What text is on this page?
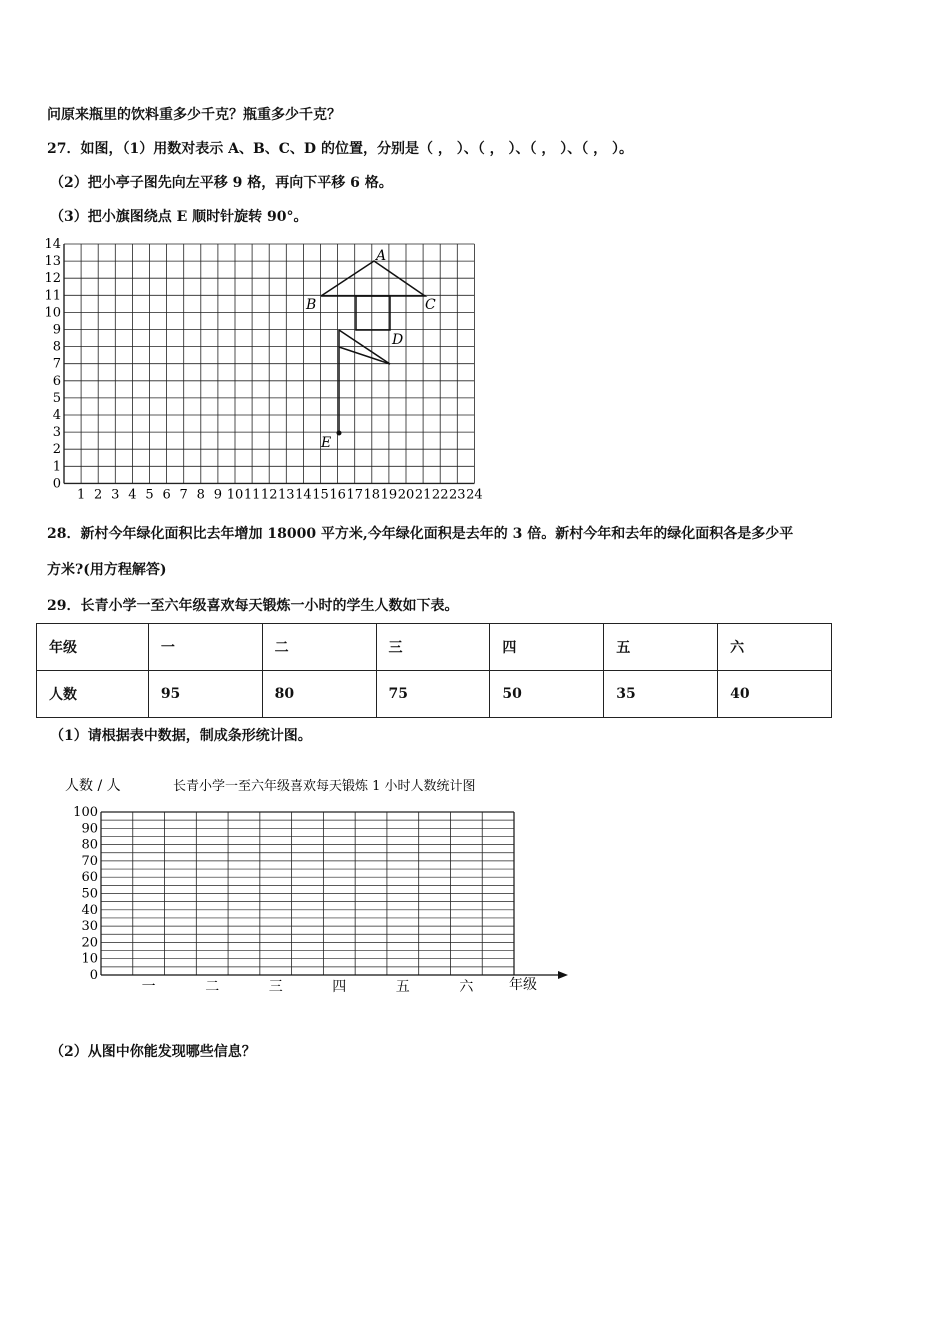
问原来瓶里的饮料重多少千克？瓶重多少千克？
27．如图，（1）用数对表示 A、B、C、D 的位置，分别是（ ， ）、（ ， ）、（ ， ）、（ ， ）。
（2）把小亭子图先向左平移 9 格，再向下平移 6 格。
（3）把小旗图绕点 E 顺时针旋转 90°。
0
1
2
3
4
5
6
7
8
9
10
11
12
13
14
1 2 3 4 5 6 7 8 9 10 11 12 13 14 15 16 17 18 19 20 21 22 23 24
A
B	C
D
E
28．新村今年绿化面积比去年增加 18000 平方米,今年绿化面积是去年的 3 倍。新村今年和去年的绿化面积各是多少平
方米?(用方程解答)
29．长青小学一至六年级喜欢每天锻炼一小时的学生人数如下表。
年级	一	二	三	四	五	六
人数	95	80	75	50	35	40
（1）请根据表中数据，制成条形统计图。
人数 / 人	长青小学一至六年级喜欢每天锻炼 1 小时人数统计图
0
10
20
30
40
50
60
70
80
90
100
一	二	三	四	五	六	年级
（2）从图中你能发现哪些信息？
